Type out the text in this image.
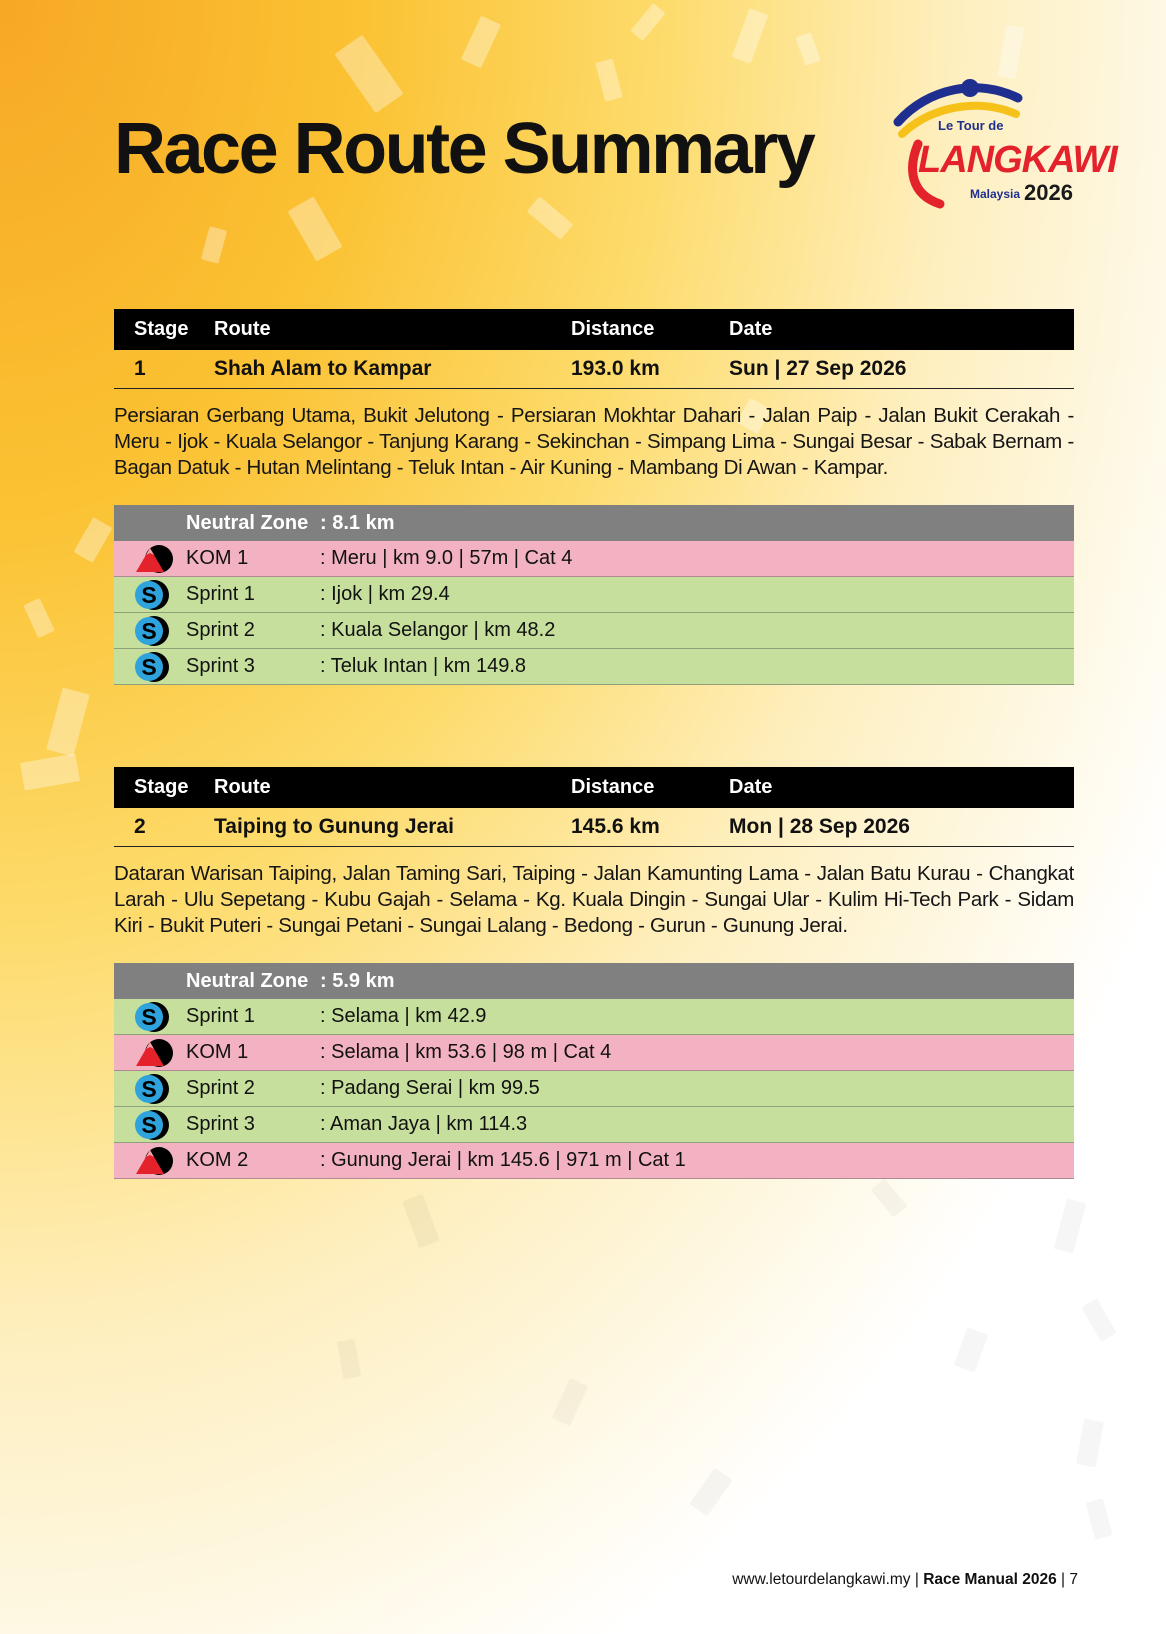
Race Route Summary	Le Tour de
LANGKAWI
Malaysia 2026
Stage	Route	Distance	Date
1	Shah Alam to Kampar	193.0 km	Sun | 27 Sep 2026

Persiaran Gerbang Utama, Bukit Jelutong - Persiaran Mokhtar Dahari - Jalan Paip - Jalan Bukit Cerakah - Meru - Ijok - Kuala Selangor - Tanjung Karang - Sekinchan - Simpang Lima - Sungai Besar - Sabak Bernam - Bagan Datuk - Hutan Melintang - Teluk Intan - Air Kuning - Mambang Di Awan - Kampar.

Neutral Zone : 8.1 km
KOM 1	: Meru | km 9.0 | 57m | Cat 4
S Sprint 1	: Ijok | km 29.4
S Sprint 2	: Kuala Selangor | km 48.2
S Sprint 3	: Teluk Intan | km 149.8
Stage	Route	Distance	Date
2	Taiping to Gunung Jerai	145.6 km	Mon | 28 Sep 2026

Dataran Warisan Taiping, Jalan Taming Sari, Taiping - Jalan Kamunting Lama - Jalan Batu Kurau - Changkat Larah - Ulu Sepetang - Kubu Gajah - Selama - Kg. Kuala Dingin - Sungai Ular - Kulim Hi-Tech Park - Sidam Kiri - Bukit Puteri - Sungai Petani - Sungai Lalang - Bedong - Gurun - Gunung Jerai.

Neutral Zone : 5.9 km
S Sprint 1	: Selama | km 42.9
KOM 1	: Selama | km 53.6 | 98 m | Cat 4
S Sprint 2	: Padang Serai | km 99.5
S Sprint 3	: Aman Jaya | km 114.3
KOM 2	: Gunung Jerai | km 145.6 | 971 m | Cat 1
www.letourdelangkawi.my | Race Manual 2026 | 7
